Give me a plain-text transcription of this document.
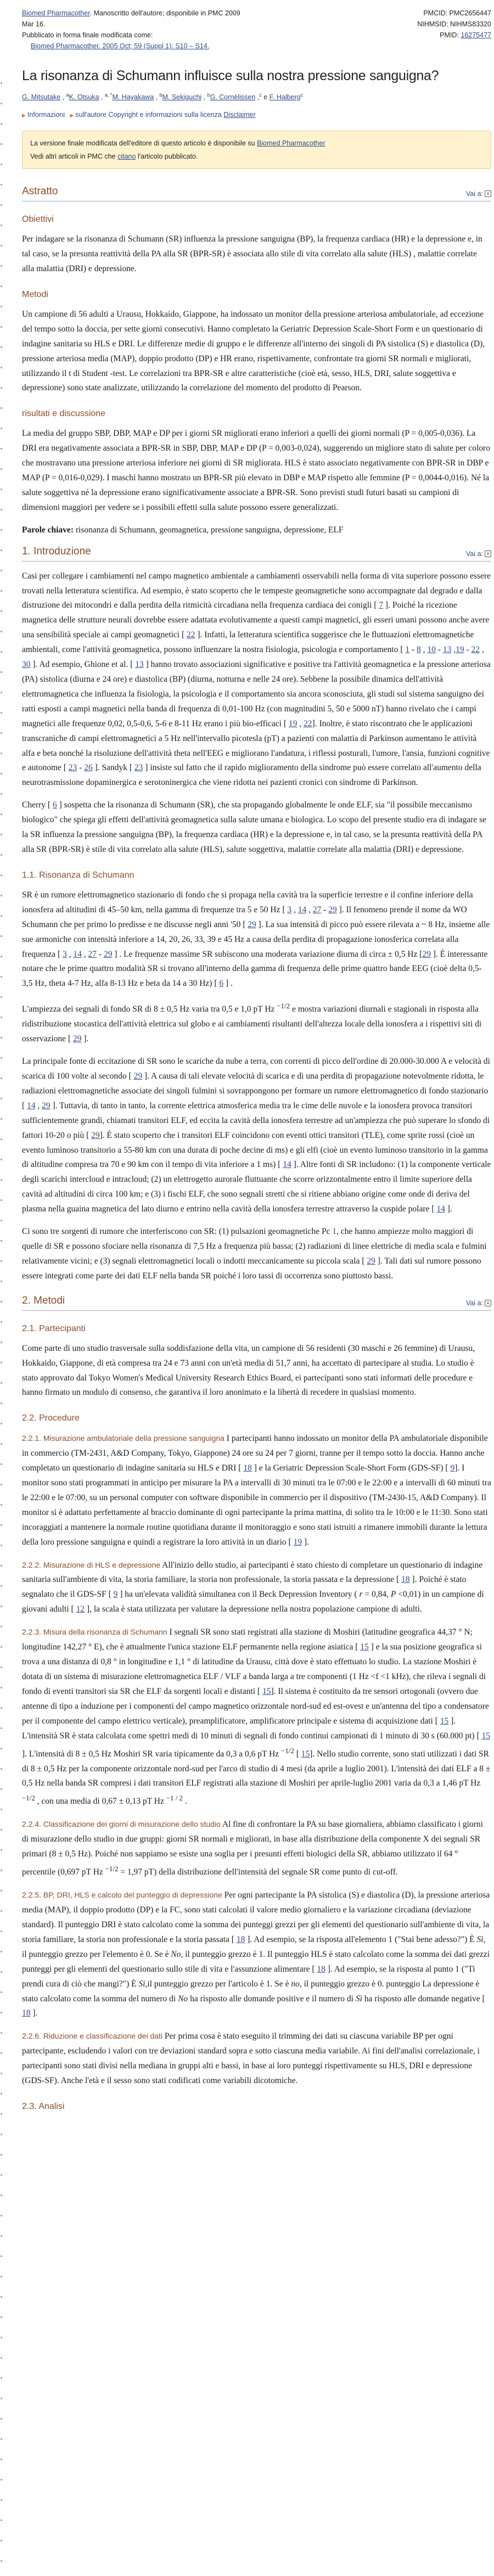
Biomed Pharmacother. Manoscritto dell'autore; disponibile in PMC 2009
Mar 16.
Pubblicato in forma finale modificata come:
Biomed Pharmacother. 2005 Oct; 59 (Suppl 1): S10 – S14.
PMCID: PMC2656447
NIHMSID: NIHMS83320
PMID: 16275477
La risonanza di Schumann influisce sulla nostra pressione sanguigna?
G. Mitsutake , $^a$K. Otsuka , $^{a, *}$M. Hayakawa , $^b$M. Sekiguchi , $^b$G. Cornélissen ,$^c$ e F. Halberg$^c$
▶ Informazioni ▶ sull'autore Copyright e informazioni sulla licenza Disclaimer
La versione finale modificata dell'editore di questo articolo è disponibile su Biomed Pharmacother
Vedi altri articoli in PMC che citano l'articolo pubblicato.
Astratto	Vai a: ∨
Obiettivi

Per indagare se la risonanza di Schumann (SR) influenza la pressione sanguigna (BP), la frequenza cardiaca (HR) e la depressione e, in tal caso, se la presunta reattività della PA alla SR (BPR-SR) è associata allo stile di vita correlato alla salute (HLS) , malattie correlate alla malattia (DRI) e depressione.

Metodi

Un campione di 56 adulti a Urausu, Hokkaido, Giappone, ha indossato un monitor della pressione arteriosa ambulatoriale, ad eccezione del tempo sotto la doccia, per sette giorni consecutivi. Hanno completato la Geriatric Depression Scale-Short Form e un questionario di indagine sanitaria su HLS e DRI. Le differenze medie di gruppo e le differenze all'interno dei singoli di PA sistolica (S) e diastolica (D), pressione arteriosa media (MAP), doppio prodotto (DP) e HR erano, rispettivamente, confrontate tra giorni SR normali e migliorati, utilizzando il t di Student -test. Le correlazioni tra BPR-SR e altre caratteristiche (cioè età, sesso, HLS, DRI, salute soggettiva e depressione) sono state analizzate, utilizzando la correlazione del momento del prodotto di Pearson.

risultati e discussione

La media del gruppo SBP, DBP, MAP e DP per i giorni SR migliorati erano inferiori a quelli dei giorni normali (P = 0,005-0,036). La DRI era negativamente associata a BPR-SR in SBP, DBP, MAP e DP (P = 0,003-0,024), suggerendo un migliore stato di salute per coloro che mostravano una pressione arteriosa inferiore nei giorni di SR migliorata. HLS è stato associato negativamente con BPR-SR in DBP e MAP (P = 0,016-0,029). I maschi hanno mostrato un BPR-SR più elevato in DBP e MAP rispetto alle femmine (P = 0,0044-0,016). Né la salute soggettiva né la depressione erano significativamente associate a BPR-SR. Sono previsti studi futuri basati su campioni di dimensioni maggiori per vedere se i possibili effetti sulla salute possono essere generalizzati.

Parole chiave: risonanza di Schumann, geomagnetica, pressione sanguigna, depressione, ELF

1. Introduzione	Vai a: ∨

Casi per collegare i cambiamenti nel campo magnetico ambientale a cambiamenti osservabili nella forma di vita superiore possono essere trovati nella letteratura scientifica. Ad esempio, è stato scoperto che le tempeste geomagnetiche sono accompagnate dal degrado e dalla distruzione dei mitocondri e dalla perdita della ritmicità circadiana nella frequenza cardiaca dei conigli [ 7 ]. Poiché la ricezione magnetica delle strutture neurali dovrebbe essere adattata evolutivamente a questi campi magnetici, gli esseri umani possono anche avere una sensibilità speciale ai campi geomagnetici [ 22 ]. Infatti, la letteratura scientifica suggerisce che le fluttuazioni elettromagnetiche ambientali, come l'attività geomagnetica, possono influenzare la nostra fisiologia, psicologia e comportamento [ 1 - 8 , 10 - 13 ,19 - 22 , 30 ]. Ad esempio, Ghione et al. [ 13 ] hanno trovato associazioni significative e positive tra l'attività geomagnetica e la pressione arteriosa (PA) sistolica (diurna e 24 ore) e diastolica (BP) (diurna, notturna e nelle 24 ore). Sebbene la possibile dinamica dell'attività elettromagnetica che influenza la fisiologia, la psicologia e il comportamento sia ancora sconosciuta, gli studi sul sistema sanguigno dei ratti esposti a campi magnetici nella banda di frequenza di 0,01-100 Hz (con magnitudini 5, 50 e 5000 nT) hanno rivelato che i campi magnetici alle frequenze 0,02, 0,5-0,6, 5-6 e 8-11 Hz erano i più bio-efficaci [ 19 , 22]. Inoltre, è stato riscontrato che le applicazioni transcraniche di campi elettromagnetici a 5 Hz nell'intervallo picotesla (pT) a pazienti con malattia di Parkinson aumentano le attività alfa e beta nonché la risoluzione dell'attività theta nell'EEG e migliorano l'andatura, i riflessi posturali, l'umore, l'ansia, funzioni cognitive e autonome [ 23 - 26 ]. Sandyk [ 23 ] insiste sul fatto che il rapido miglioramento della sindrome può essere correlato all'aumento della neurotrasmissione dopaminergica e serotoninergica che viene ridotta nei pazienti cronici con sindrome di Parkinson.

Cherry [ 6 ] sospetta che la risonanza di Schumann (SR), che sta propagando globalmente le onde ELF, sia "il possibile meccanismo biologico" che spiega gli effetti dell'attività geomagnetica sulla salute umana e biologica. Lo scopo del presente studio era di indagare se la SR influenza la pressione sanguigna (BP), la frequenza cardiaca (HR) e la depressione e, in tal caso, se la presunta reattività della PA alla SR (BPR-SR) è stile di vita correlato alla salute (HLS), salute soggettiva, malattie correlate alla malattia (DRI) e depressione.

1.1. Risonanza di Schumann

SR è un rumore elettromagnetico stazionario di fondo che si propaga nella cavità tra la superficie terrestre e il confine inferiore della ionosfera ad altitudini di 45–50 km, nella gamma di frequenze tra 5 e 50 Hz [ 3 , 14 , 27 - 29 ]. Il fenomeno prende il nome da WO Schumann che per primo lo predisse e ne discusse negli anni '50 [ 29 ]. La sua intensità di picco può essere rilevata a ~ 8 Hz, insieme alle sue armoniche con intensità inferiore a 14, 20, 26, 33, 39 e 45 Hz a causa della perdita di propagazione ionosferica correlata alla frequenza [ 3 , 14 , 27 - 29 ] . Le frequenze massime SR subiscono una moderata variazione diurna di circa ± 0,5 Hz [29 ]. È interessante notare che le prime quattro modalità SR si trovano all'interno della gamma di frequenza delle prime quattro bande EEG (cioè delta 0,5-3,5 Hz, theta 4-7 Hz, alfa 8-13 Hz e beta da 14 a 30 Hz) [ 6 ] .

L'ampiezza dei segnali di fondo SR di 8 ± 0,5 Hz varia tra 0,5 e 1,0 pT Hz $^{-1/2}$ e mostra variazioni diurnali e stagionali in risposta alla ridistribuzione stocastica dell'attività elettrica sul globo e ai cambiamenti risultanti dell'altezza locale della ionosfera a i rispettivi siti di osservazione [ 29 ].

La principale fonte di eccitazione di SR sono le scariche da nube a terra, con correnti di picco dell'ordine di 20.000-30.000 A e velocità di scarica di 100 volte al secondo [ 29 ]. A causa di tali elevate velocità di scarica e di una perdita di propagazione notevolmente ridotta, le radiazioni elettromagnetiche associate dei singoli fulmini si sovrappongono per formare un rumore elettromagnetico di fondo stazionario [ 14 , 29 ]. Tuttavia, di tanto in tanto, la corrente elettrica atmosferica media tra le cime delle nuvole e la ionosfera provoca transitori sufficientemente grandi, chiamati transitori ELF, ed eccita la cavità della ionosfera terrestre ad un'ampiezza che può superare lo sfondo di fattori 10-20 o più [ 29]. È stato scoperto che i transitori ELF coincidono con eventi ottici transitori (TLE), come sprite rossi (cioè un evento luminoso transitorio a 55-80 km con una durata di poche decine di ms) e gli elfi (cioè un evento luminoso transitorio in la gamma di altitudine compresa tra 70 e 90 km con il tempo di vita inferiore a 1 ms) [ 14 ]. Altre fonti di SR includono: (1) la componente verticale degli scarichi intercloud e intracloud; (2) un elettrogetto aurorale fluttuante che scorre orizzontalmente entro il limite superiore della cavità ad altitudini di circa 100 km; e (3) i fischi ELF, che sono segnali stretti che si ritiene abbiano origine come onde di deriva del plasma nella guaina magnetica del lato diurno e entrino nella cavità della ionosfera terrestre attraverso la cuspide polare [ 14 ].

Ci sono tre sorgenti di rumore che interferiscono con SR: (1) pulsazioni geomagnetiche Pc 1, che hanno ampiezze molto maggiori di quelle di SR e possono sfociare nella risonanza di 7,5 Hz a frequenza più bassa; (2) radiazioni di linee elettriche di media scala e fulmini relativamente vicini; e (3) segnali elettromagnetici locali o indotti meccanicamente su piccola scala [ 29 ]. Tali dati sul rumore possono essere integrati come parte dei dati ELF nella banda SR poiché i loro tassi di occorrenza sono piuttosto bassi.

2. Metodi	Vai a: ∨
2.1. Partecipanti

Come parte di uno studio trasversale sulla soddisfazione della vita, un campione di 56 residenti (30 maschi e 26 femmine) di Urausu, Hokkaido, Giappone, di età compresa tra 24 e 73 anni con un'età media di 51,7 anni, ha accettato di partecipare al studia. Lo studio è stato approvato dal Tokyo Women's Medical University Research Ethics Board, ei partecipanti sono stati informati delle procedure e hanno firmato un modulo di consenso, che garantiva il loro anonimato e la libertà di recedere in qualsiasi momento.

2.2. Procedure

2.2.1. Misurazione ambulatoriale della pressione sanguigna I partecipanti hanno indossato un monitor della PA ambulatoriale disponibile in commercio (TM-2431, A&D Company, Tokyo, Giappone) 24 ore su 24 per 7 giorni, tranne per il tempo sotto la doccia. Hanno anche completato un questionario di indagine sanitaria su HLS e DRI [ 18 ] e la Geriatric Depression Scale-Short Form (GDS-SF) [ 9]. I monitor sono stati programmati in anticipo per misurare la PA a intervalli di 30 minuti tra le 07:00 e le 22:00 e a intervalli di 60 minuti tra le 22:00 e le 07:00, su un personal computer con software disponibile in commercio per il dispositivo (TM-2430-15, A&D Company). Il monitor si è adattato perfettamente al braccio dominante di ogni partecipante la prima mattina, di solito tra le 10:00 e le 11:30. Sono stati incoraggiati a mantenere la normale routine quotidiana durante il monitoraggio e sono stati istruiti a rimanere immobili durante la lettura della loro pressione sanguigna e quindi a registrare la loro attività in un diario [ 19 ].

2.2.2. Misurazione di HLS e depressione All'inizio dello studio, ai partecipanti è stato chiesto di completare un questionario di indagine sanitaria sull'ambiente di vita, la storia familiare, la storia non professionale, la storia passata e la depressione [ 18 ]. Poiché è stato segnalato che il GDS-SF [ 9 ] ha un'elevata validità simultanea con il Beck Depression Inventory ( r = 0,84, P <0,01) in un campione di giovani adulti [ 12 ], la scala è stata utilizzata per valutare la depressione nella nostra popolazione campione di adulti.

2.2.3. Misura della risonanza di Schumann I segnali SR sono stati registrati alla stazione di Moshiri (latitudine geografica 44,37 ° N; longitudine 142,27 ° E), che è attualmente l'unica stazione ELF permanente nella regione asiatica [ 15 ] e la sua posizione geografica si trova a una distanza di 0,8 ° in longitudine e 1,1 ° di latitudine da Urausu, città dove è stato effettuato lo studio. La stazione Moshiri è dotata di un sistema di misurazione elettromagnetica ELF / VLF a banda larga a tre componenti (1 Hz <f <1 kHz), che rileva i segnali di fondo di eventi transitori sia SR che ELF da sorgenti locali e distanti [ 15]. Il sistema è costituito da tre sensori ortogonali (ovvero due antenne di tipo a induzione per i componenti del campo magnetico orizzontale nord-sud ed est-ovest e un'antenna del tipo a condensatore per il componente del campo elettrico verticale), preamplificatore, amplificatore principale e sistema di acquisizione dati [ 15 ]. L'intensità SR è stata calcolata come spettri medi di 10 minuti di segnali di fondo continui campionati di 1 minuto di 30 s (60.000 pt) [ 15 ]. L'intensità di 8 ± 0,5 Hz Moshiri SR varia tipicamente da 0,3 a 0,6 pT Hz $^{-1/2}$ [ 15]. Nello studio corrente, sono stati utilizzati i dati SR di 8 ± 0,5 Hz per la componente orizzontale nord-sud per l'arco di studio di 4 mesi (da aprile a luglio 2001). L'intensità dei dati ELF a 8 ± 0,5 Hz nella banda SR compresi i dati transitori ELF registrati alla stazione di Moshiri per aprile-luglio 2001 varia da 0,3 a 1,46 pT Hz $^{-1/2}$ , con una media di 0,67 ± 0,13 pT Hz $^{-1 / 2}$ .

2.2.4. Classificazione dei giorni di misurazione dello studio Al fine di confrontare la PA su base giornaliera, abbiamo classificato i giorni di misurazione dello studio in due gruppi: giorni SR normali e migliorati, in base alla distribuzione della componente X dei segnali SR primari (8 ± 0,5 Hz). Poiché non sappiamo se esiste una soglia per i presunti effetti biologici della SR, abbiamo utilizzato il 64 ° percentile (0,697 pT Hz $^{-1/2}$ = 1,97 pT) della distribuzione dell'intensità del segnale SR come punto di cut-off.

2.2.5. BP, DRI, HLS e calcolo del punteggio di depressione Per ogni partecipante la PA sistolica (S) e diastolica (D), la pressione arteriosa media (MAP), il doppio prodotto (DP) e la FC, sono stati calcolati il valore medio giornaliero e la variazione circadiana (deviazione standard). Il punteggio DRI è stato calcolato come la somma dei punteggi grezzi per gli elementi del questionario sull'ambiente di vita, la storia familiare, la storia non professionale e la storia passata [ 18 ]. Ad esempio, se la risposta all'elemento 1 ("Stai bene adesso?") È Sì, il punteggio grezzo per l'elemento è 0. Se è No, il punteggio grezzo è 1. Il punteggio HLS è stato calcolato come la somma dei dati grezzi punteggi per gli elementi del questionario sullo stile di vita e l'assunzione alimentare [ 18 ]. Ad esempio, se la risposta al punto 1 ("Ti prendi cura di ciò che mangi?") È Sì,il punteggio grezzo per l'articolo è 1. Se è no, il punteggio grezzo è 0. punteggio La depressione è stato calcolato come la somma del numero di No ha risposto alle domande positive e il numero di Sì ha risposto alle domande negative [ 18 ].

2.2.6. Riduzione e classificazione dei dati Per prima cosa è stato eseguito il trimming dei dati su ciascuna variabile BP per ogni partecipante, escludendo i valori con tre deviazioni standard sopra e sotto ciascuna media variabile. Ai fini dell'analisi correlazionale, i partecipanti sono stati divisi nella mediana in gruppi alti e bassi, in base ai loro punteggi rispettivamente su HLS, DRI e depressione (GDS-SF). Anche l'età e il sesso sono stati codificati come variabili dicotomiche.

2.3. Analisi
